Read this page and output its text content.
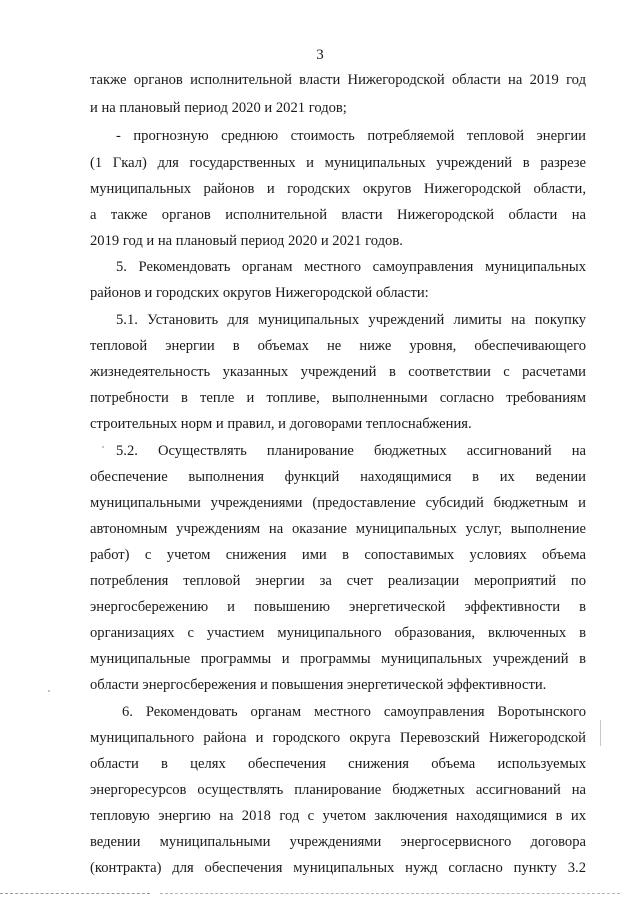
3
также органов исполнительной власти Нижегородской области на 2019 год
и на плановый период 2020 и 2021 годов;
- прогнозную среднюю стоимость потребляемой тепловой энергии
(1 Гкал) для государственных и муниципальных учреждений в разрезе
муниципальных районов и городских округов Нижегородской области,
а также органов исполнительной власти Нижегородской области на
2019 год и на плановый период 2020 и 2021 годов.
5. Рекомендовать органам местного самоуправления муниципальных
районов и городских округов Нижегородской области:
5.1. Установить для муниципальных учреждений лимиты на покупку
тепловой энергии в объемах не ниже уровня, обеспечивающего
жизнедеятельность указанных учреждений в соответствии с расчетами
потребности в тепле и топливе, выполненными согласно требованиям
строительных норм и правил, и договорами теплоснабжения.
5.2. Осуществлять планирование бюджетных ассигнований на
обеспечение выполнения функций находящимися в их ведении
муниципальными учреждениями (предоставление субсидий бюджетным и
автономным учреждениям на оказание муниципальных услуг, выполнение
работ) с учетом снижения ими в сопоставимых условиях объема
потребления тепловой энергии за счет реализации мероприятий по
энергосбережению и повышению энергетической эффективности в
организациях с участием муниципального образования, включенных в
муниципальные программы и программы муниципальных учреждений в
области энергосбережения и повышения энергетической эффективности.
6. Рекомендовать органам местного самоуправления Воротынского
муниципального района и городского округа Перевозский Нижегородской
области в целях обеспечения снижения объема используемых
энергоресурсов осуществлять планирование бюджетных ассигнований на
тепловую энергию на 2018 год с учетом заключения находящимися в их
ведении муниципальными учреждениями энергосервисного договора
(контракта) для обеспечения муниципальных нужд согласно пункту 3.2
